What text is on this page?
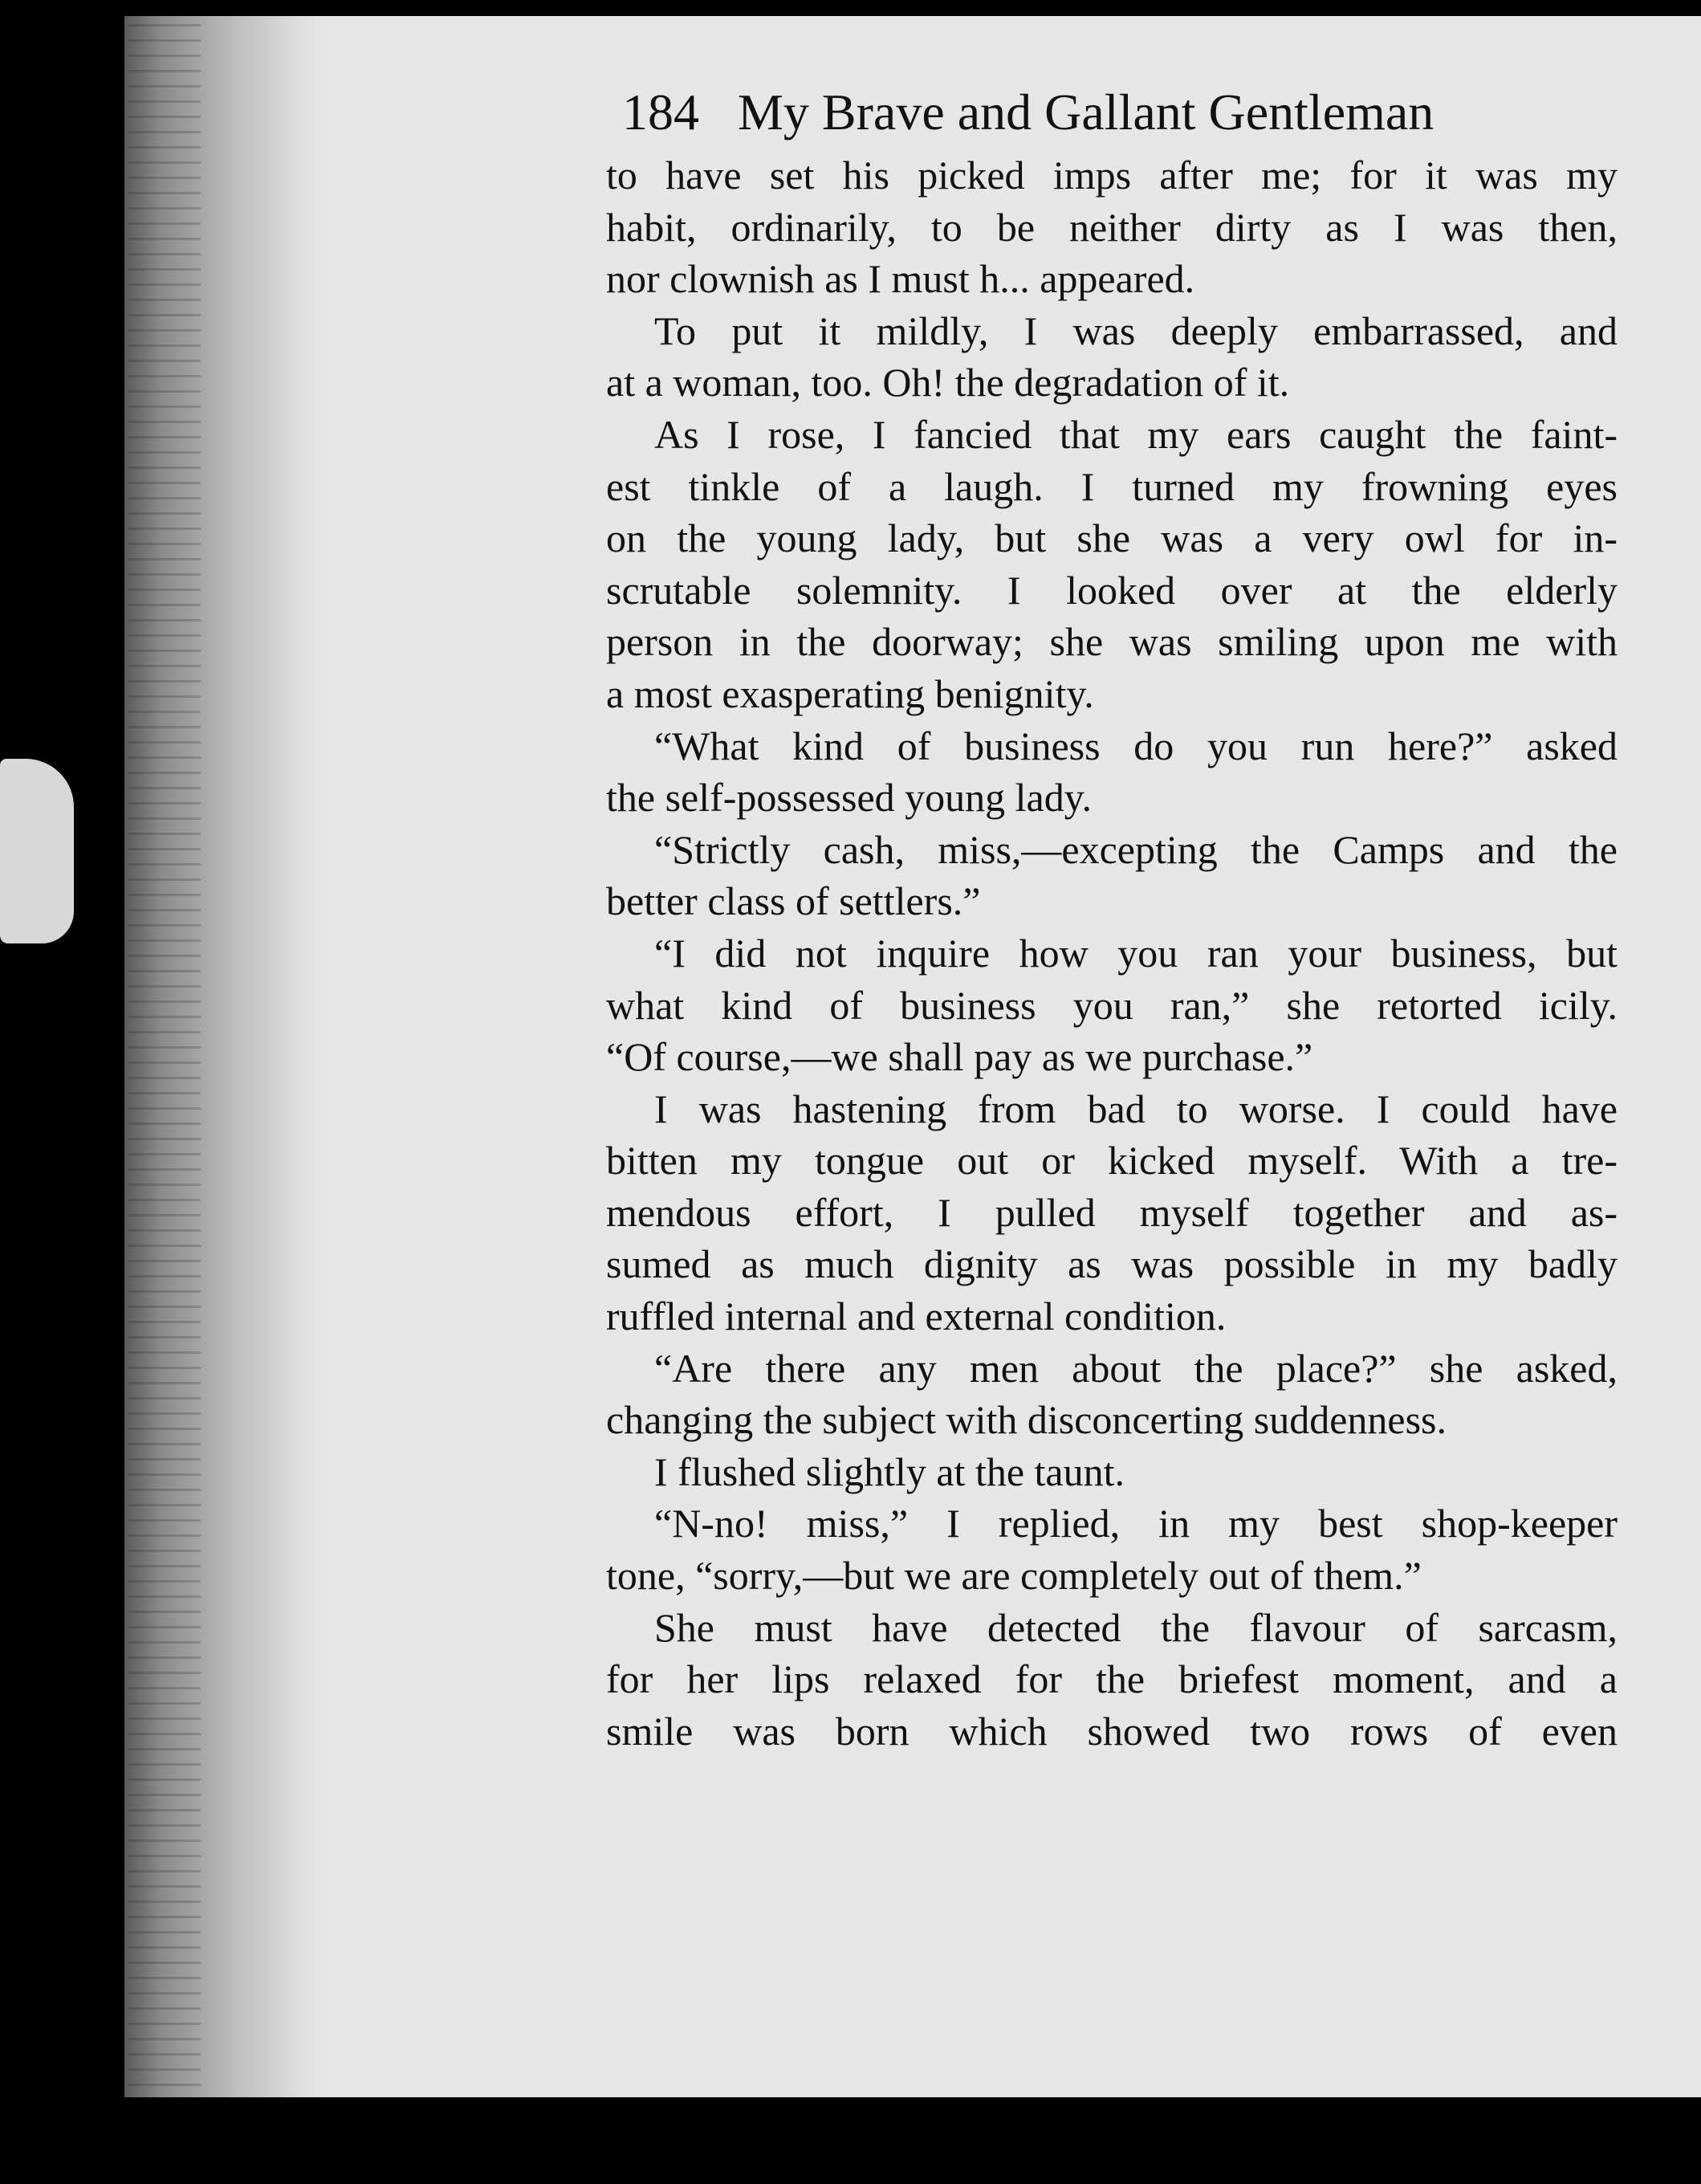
184 My Brave and Gallant Gentleman
to have set his picked imps after me; for it was my
habit, ordinarily, to be neither dirty as I was then,
nor clownish as I must h... appeared.
To put it mildly, I was deeply embarrassed, and
at a woman, too. Oh! the degradation of it.
As I rose, I fancied that my ears caught the faint-
est tinkle of a laugh. I turned my frowning eyes
on the young lady, but she was a very owl for in-
scrutable solemnity. I looked over at the elderly
person in the doorway; she was smiling upon me with
a most exasperating benignity.
“What kind of business do you run here?” asked
the self-possessed young lady.
“Strictly cash, miss,—excepting the Camps and the
better class of settlers.”
“I did not inquire how you ran your business, but
what kind of business you ran,” she retorted icily.
“Of course,—we shall pay as we purchase.”
I was hastening from bad to worse. I could have
bitten my tongue out or kicked myself. With a tre-
mendous effort, I pulled myself together and as-
sumed as much dignity as was possible in my badly
ruffled internal and external condition.
“Are there any men about the place?” she asked,
changing the subject with disconcerting suddenness.
I flushed slightly at the taunt.
“N-no! miss,” I replied, in my best shop-keeper
tone, “sorry,—but we are completely out of them.”
She must have detected the flavour of sarcasm,
for her lips relaxed for the briefest moment, and a
smile was born which showed two rows of even
